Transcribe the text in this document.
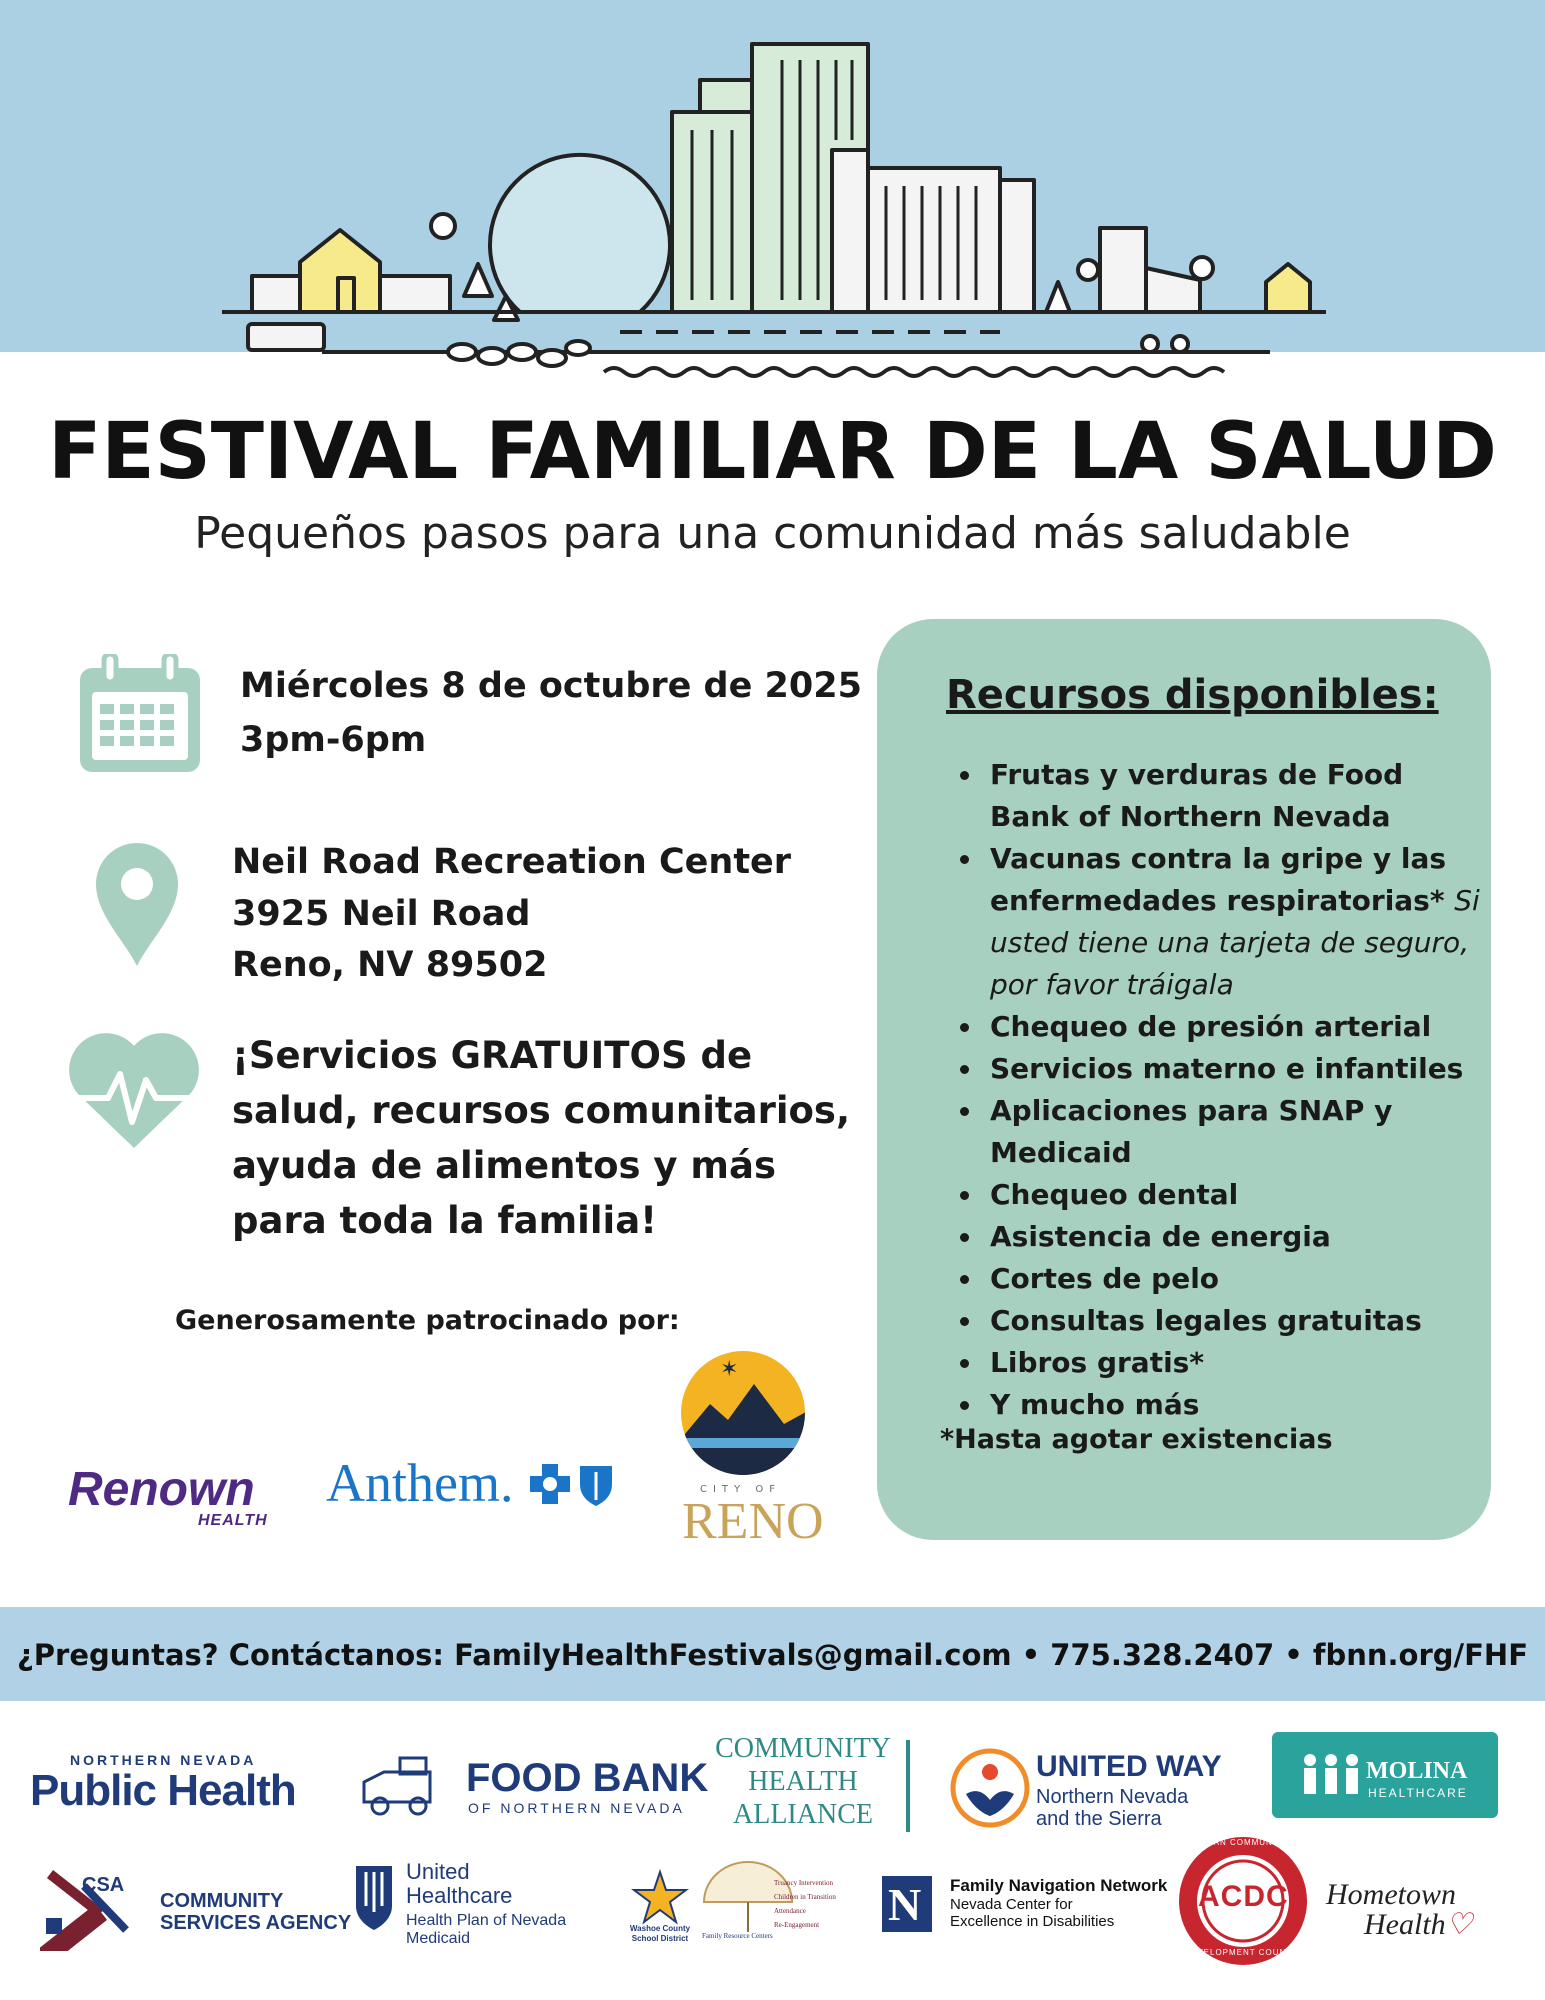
FESTIVAL FAMILIAR DE LA SALUD
Pequeños pasos para una comunidad más saludable
Miércoles 8 de octubre de 2025
3pm-6pm
Neil Road Recreation Center
3925 Neil Road
Reno, NV 89502
¡Servicios GRATUITOS de
salud, recursos comunitarios,
ayuda de alimentos y más
para toda la familia!
Generosamente patrocinado por:
Renown
HEALTH
Anthem.
✶
CITY OF
RENO
Recursos disponibles:
• Frutas y verduras de Food Bank of Northern Nevada
• Vacunas contra la gripe y las enfermedades respiratorias* Si usted tiene una tarjeta de seguro, por favor tráigala
• Chequeo de presión arterial
• Servicios materno e infantiles
• Aplicaciones para SNAP y Medicaid
• Chequeo dental
• Asistencia de energia
• Cortes de pelo
• Consultas legales gratuitas
• Libros gratis*
• Y mucho más
*Hasta agotar existencias
¿Preguntas? Contáctanos: FamilyHealthFestivals@gmail.com • 775.328.2407 • fbnn.org/FHF
NORTHERN NEVADA
Public Health	FOOD BANK
OF NORTHERN NEVADA
COMMUNITY
HEALTH
ALLIANCE
UNITED WAY
Northern Nevada
and the Sierra
MOLINA
HEALTHCARE
CSA
COMMUNITY
SERVICES AGENCY
United
Healthcare
Health Plan of Nevada
Medicaid
Washoe County
School District
Truancy Intervention
Children in Transition
Attendance
Re-Engagement
Family Resource Centers
N Family Navigation Network
Nevada Center for
Excellence in Disabilities
ACDC
ASIAN COMMUNITY
DEVELOPMENT COUNCIL
Hometown
Health♡
